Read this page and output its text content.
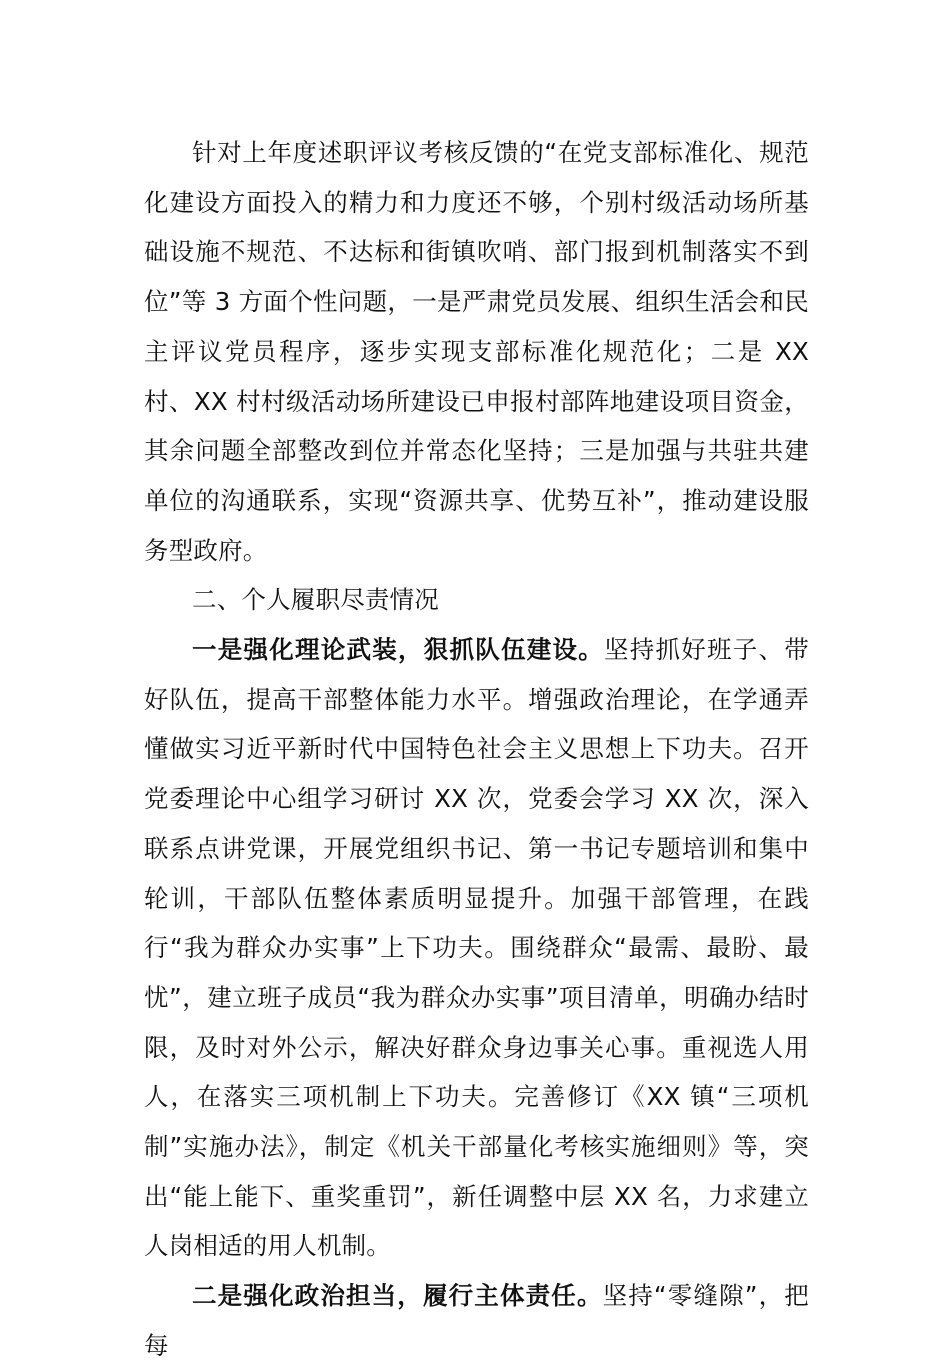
针对上年度述职评议考核反馈的“在党支部标准化、规范化建设方面投入的精力和力度还不够，个别村级活动场所基础设施不规范、不达标和街镇吹哨、部门报到机制落实不到位”等 3 方面个性问题，一是严肃党员发展、组织生活会和民主评议党员程序，逐步实现支部标准化规范化；二是 XX 村、XX 村村级活动场所建设已申报村部阵地建设项目资金，其余问题全部整改到位并常态化坚持；三是加强与共驻共建单位的沟通联系，实现“资源共享、优势互补”，推动建设服务型政府。

二、个人履职尽责情况

一是强化理论武装，狠抓队伍建设。坚持抓好班子、带好队伍，提高干部整体能力水平。增强政治理论，在学通弄懂做实习近平新时代中国特色社会主义思想上下功夫。召开党委理论中心组学习研讨 XX 次，党委会学习 XX 次，深入联系点讲党课，开展党组织书记、第一书记专题培训和集中轮训，干部队伍整体素质明显提升。加强干部管理，在践行“我为群众办实事”上下功夫。围绕群众“最需、最盼、最忧”，建立班子成员“我为群众办实事”项目清单，明确办结时限，及时对外公示，解决好群众身边事关心事。重视选人用人，在落实三项机制上下功夫。完善修订《XX 镇“三项机制”实施办法》，制定《机关干部量化考核实施细则》等，突出“能上能下、重奖重罚”，新任调整中层 XX 名，力求建立人岗相适的用人机制。

二是强化政治担当，履行主体责任。坚持“零缝隙”，把每
